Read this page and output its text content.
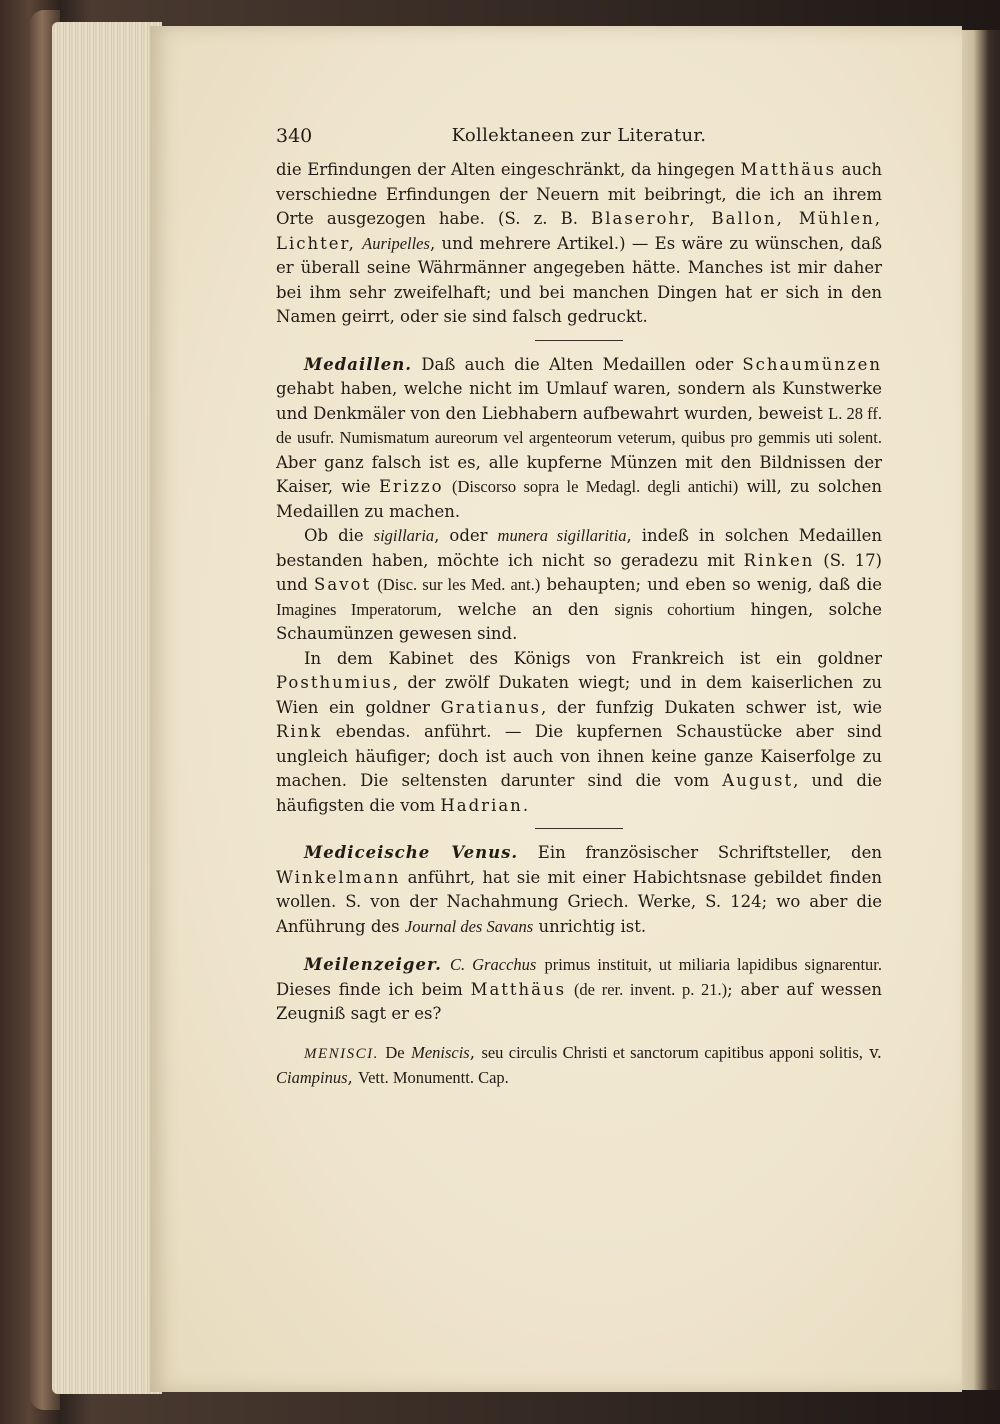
340	Kollektaneen zur Literatur.

die Erfindungen der Alten eingeschränkt, da hingegen Matthäus auch verschiedne Erfindungen der Neuern mit beibringt, die ich an ihrem Orte ausgezogen habe. (S. z. B. Blaserohr, Ballon, Mühlen, Lichter, Auripelles, und mehrere Artikel.) — Es wäre zu wünschen, daß er überall seine Währmänner angegeben hätte. Manches ist mir daher bei ihm sehr zweifelhaft; und bei manchen Dingen hat er sich in den Namen geirrt, oder sie sind falsch gedruckt.

Medaillen. Daß auch die Alten Medaillen oder Schaumünzen gehabt haben, welche nicht im Umlauf waren, sondern als Kunstwerke und Denkmäler von den Liebhabern aufbewahrt wurden, beweist L. 28 ff. de usufr. Numismatum aureorum vel argenteorum veterum, quibus pro gemmis uti solent. Aber ganz falsch ist es, alle kupferne Münzen mit den Bildnissen der Kaiser, wie Erizzo (Discorso sopra le Medagl. degli antichi) will, zu solchen Medaillen zu machen.

Ob die sigillaria, oder munera sigillaritia, indeß in solchen Medaillen bestanden haben, möchte ich nicht so geradezu mit Rinken (S. 17) und Savot (Disc. sur les Med. ant.) behaupten; und eben so wenig, daß die Imagines Imperatorum, welche an den signis cohortium hingen, solche Schaumünzen gewesen sind.

In dem Kabinet des Königs von Frankreich ist ein goldner Posthumius, der zwölf Dukaten wiegt; und in dem kaiserlichen zu Wien ein goldner Gratianus, der funfzig Dukaten schwer ist, wie Rink ebendas. anführt. — Die kupfernen Schaustücke aber sind ungleich häufiger; doch ist auch von ihnen keine ganze Kaiserfolge zu machen. Die seltensten darunter sind die vom August, und die häufigsten die vom Hadrian.

Mediceische Venus. Ein französischer Schriftsteller, den Winkelmann anführt, hat sie mit einer Habichtsnase gebildet finden wollen. S. von der Nachahmung Griech. Werke, S. 124; wo aber die Anführung des Journal des Savans unrichtig ist.

Meilenzeiger. C. Gracchus primus instituit, ut miliaria lapidibus signarentur. Dieses finde ich beim Matthäus (de rer. invent. p. 21.); aber auf wessen Zeugniß sagt er es?

MENISCI. De Meniscis, seu circulis Christi et sanctorum capitibus apponi solitis, v. Ciampinus, Vett. Monumentt. Cap.
